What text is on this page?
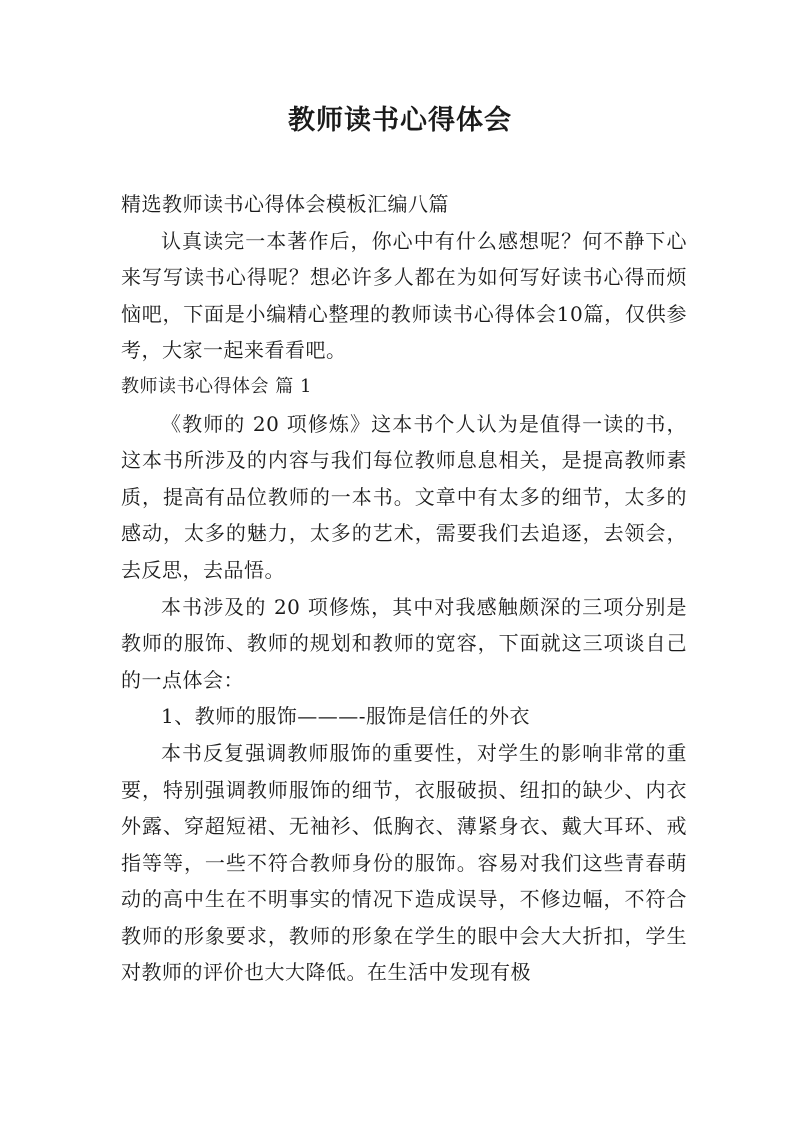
教师读书心得体会

精选教师读书心得体会模板汇编八篇

认真读完一本著作后，你心中有什么感想呢？何不静下心来写写读书心得呢？想必许多人都在为如何写好读书心得而烦恼吧，下面是小编精心整理的教师读书心得体会10篇，仅供参考，大家一起来看看吧。

教师读书心得体会 篇 1

《教师的 20 项修炼》这本书个人认为是值得一读的书，这本书所涉及的内容与我们每位教师息息相关，是提高教师素质，提高有品位教师的一本书。文章中有太多的细节，太多的感动，太多的魅力，太多的艺术，需要我们去追逐，去领会，去反思，去品悟。

本书涉及的 20 项修炼，其中对我感触颇深的三项分别是教师的服饰、教师的规划和教师的宽容，下面就这三项谈自己的一点体会：

1、教师的服饰———-服饰是信任的外衣

本书反复强调教师服饰的重要性，对学生的影响非常的重要，特别强调教师服饰的细节，衣服破损、纽扣的缺少、内衣外露、穿超短裙、无袖衫、低胸衣、薄紧身衣、戴大耳环、戒指等等，一些不符合教师身份的服饰。容易对我们这些青春萌动的高中生在不明事实的情况下造成误导，不修边幅，不符合教师的形象要求，教师的形象在学生的眼中会大大折扣，学生对教师的评价也大大降低。在生活中发现有极
